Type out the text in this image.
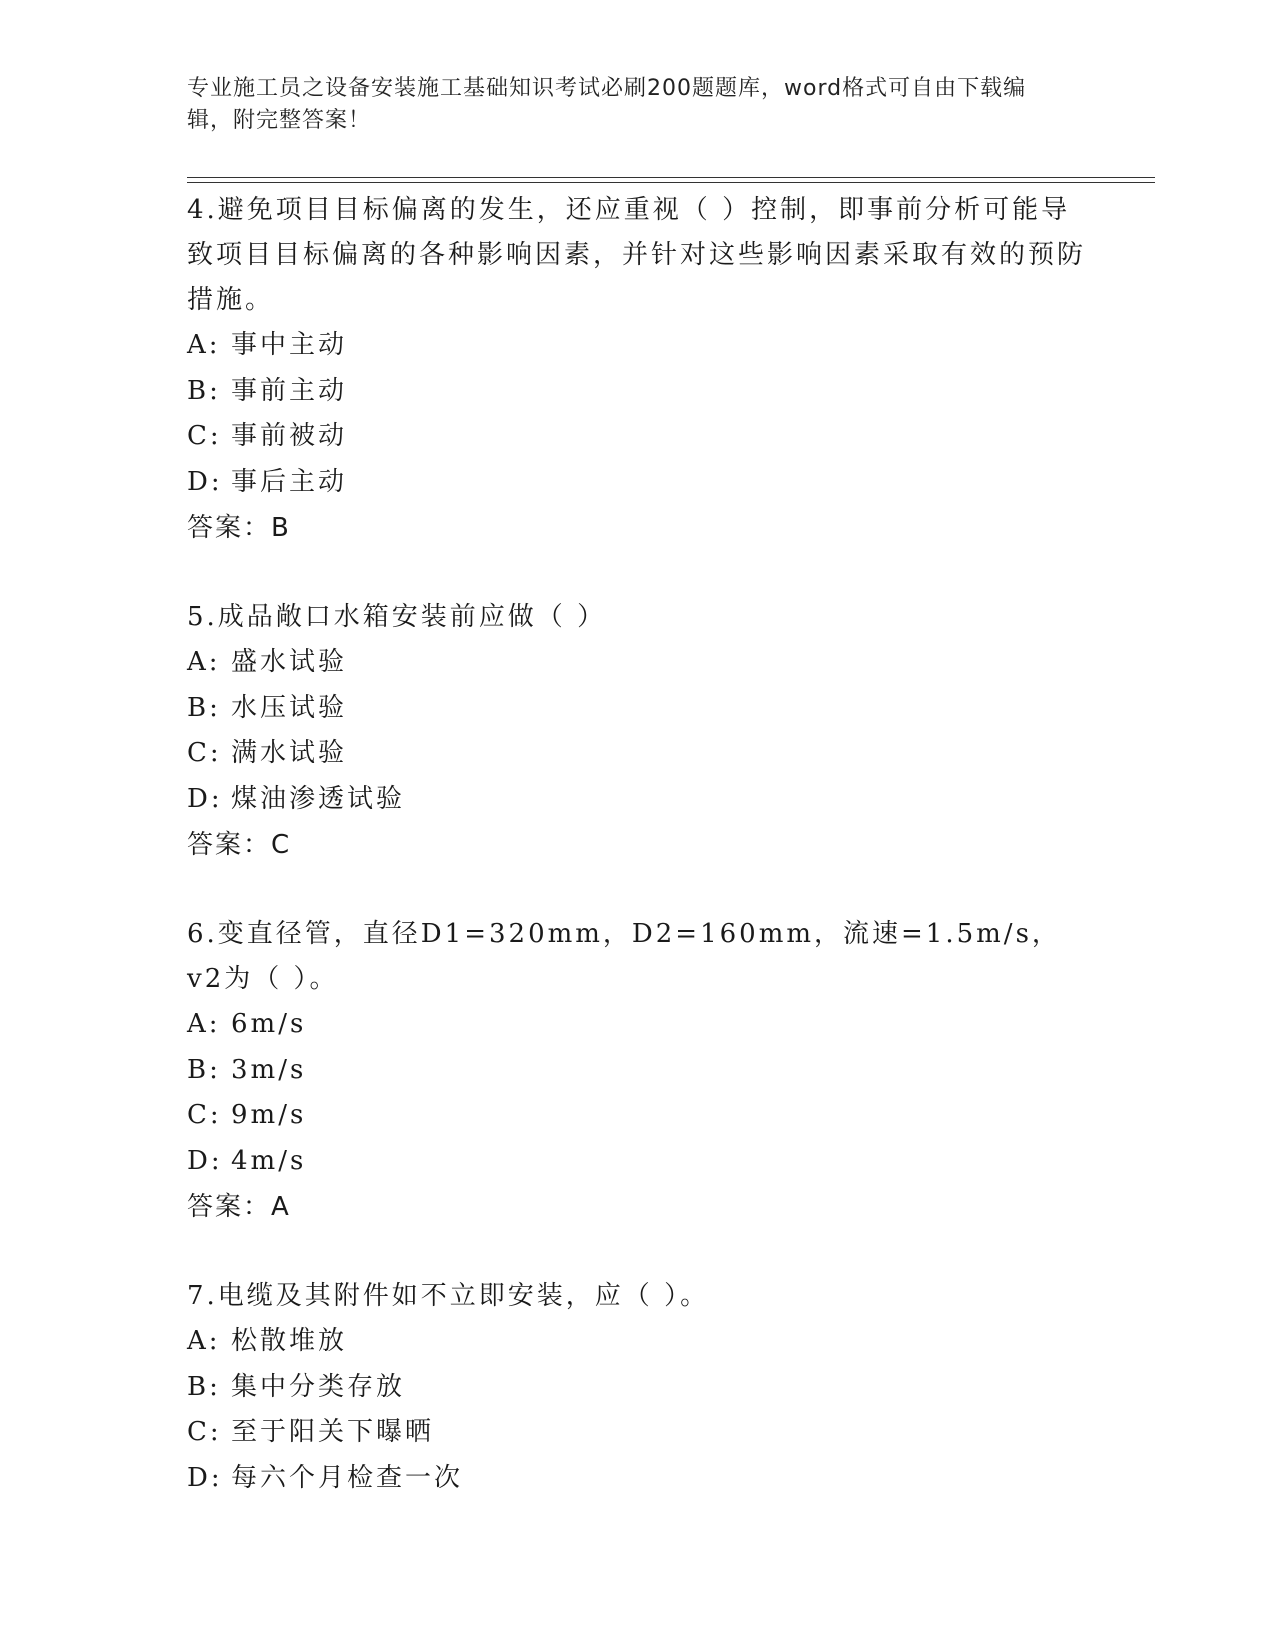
专业施工员之设备安装施工基础知识考试必刷200题题库，word格式可自由下载编辑，附完整答案！

4.避免项目目标偏离的发生，还应重视（ ）控制，即事前分析可能导致项目目标偏离的各种影响因素，并针对这些影响因素采取有效的预防措施。

A: 事中主动

B: 事前主动

C: 事前被动

D: 事后主动

答案：B

5.成品敞口水箱安装前应做（ ）

A: 盛水试验

B: 水压试验

C: 满水试验

D: 煤油渗透试验

答案：C

6.变直径管，直径D1=320mm，D2=160mm，流速=1.5m/s，v2为（ ）。

A: 6m/s

B: 3m/s

C: 9m/s

D: 4m/s

答案：A

7.电缆及其附件如不立即安装，应（ ）。

A: 松散堆放

B: 集中分类存放

C: 至于阳关下曝晒

D: 每六个月检查一次
